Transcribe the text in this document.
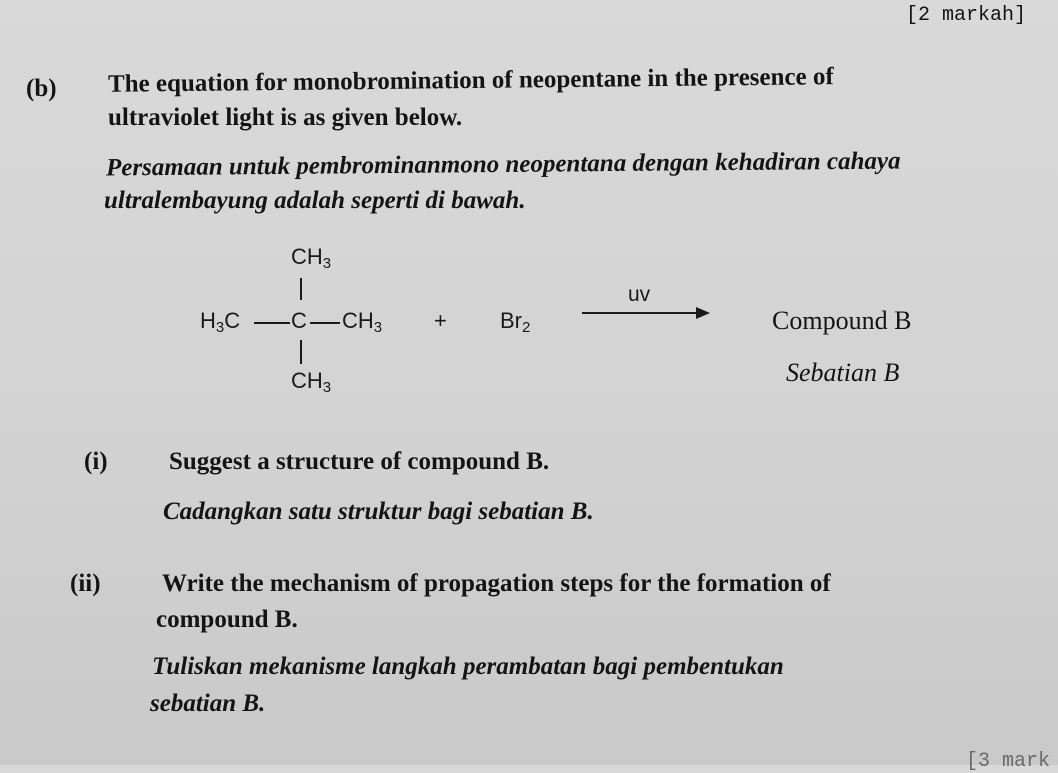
[2 markah]
(b) The equation for monobromination of neopentane in the presence of
ultraviolet light is as given below.
Persamaan untuk pembrominanmono neopentana dengan kehadiran cahaya
ultralembayung adalah seperti di bawah.
$CH_3$
$H_3C$ C $CH_3$
$CH_3$
+ $Br_2$
uv
Compound B
Sebatian B
(i) Suggest a structure of compound B.
Cadangkan satu struktur bagi sebatian B.
(ii) Write the mechanism of propagation steps for the formation of
compound B.
Tuliskan mekanisme langkah perambatan bagi pembentukan
sebatian B.
[3 mark
